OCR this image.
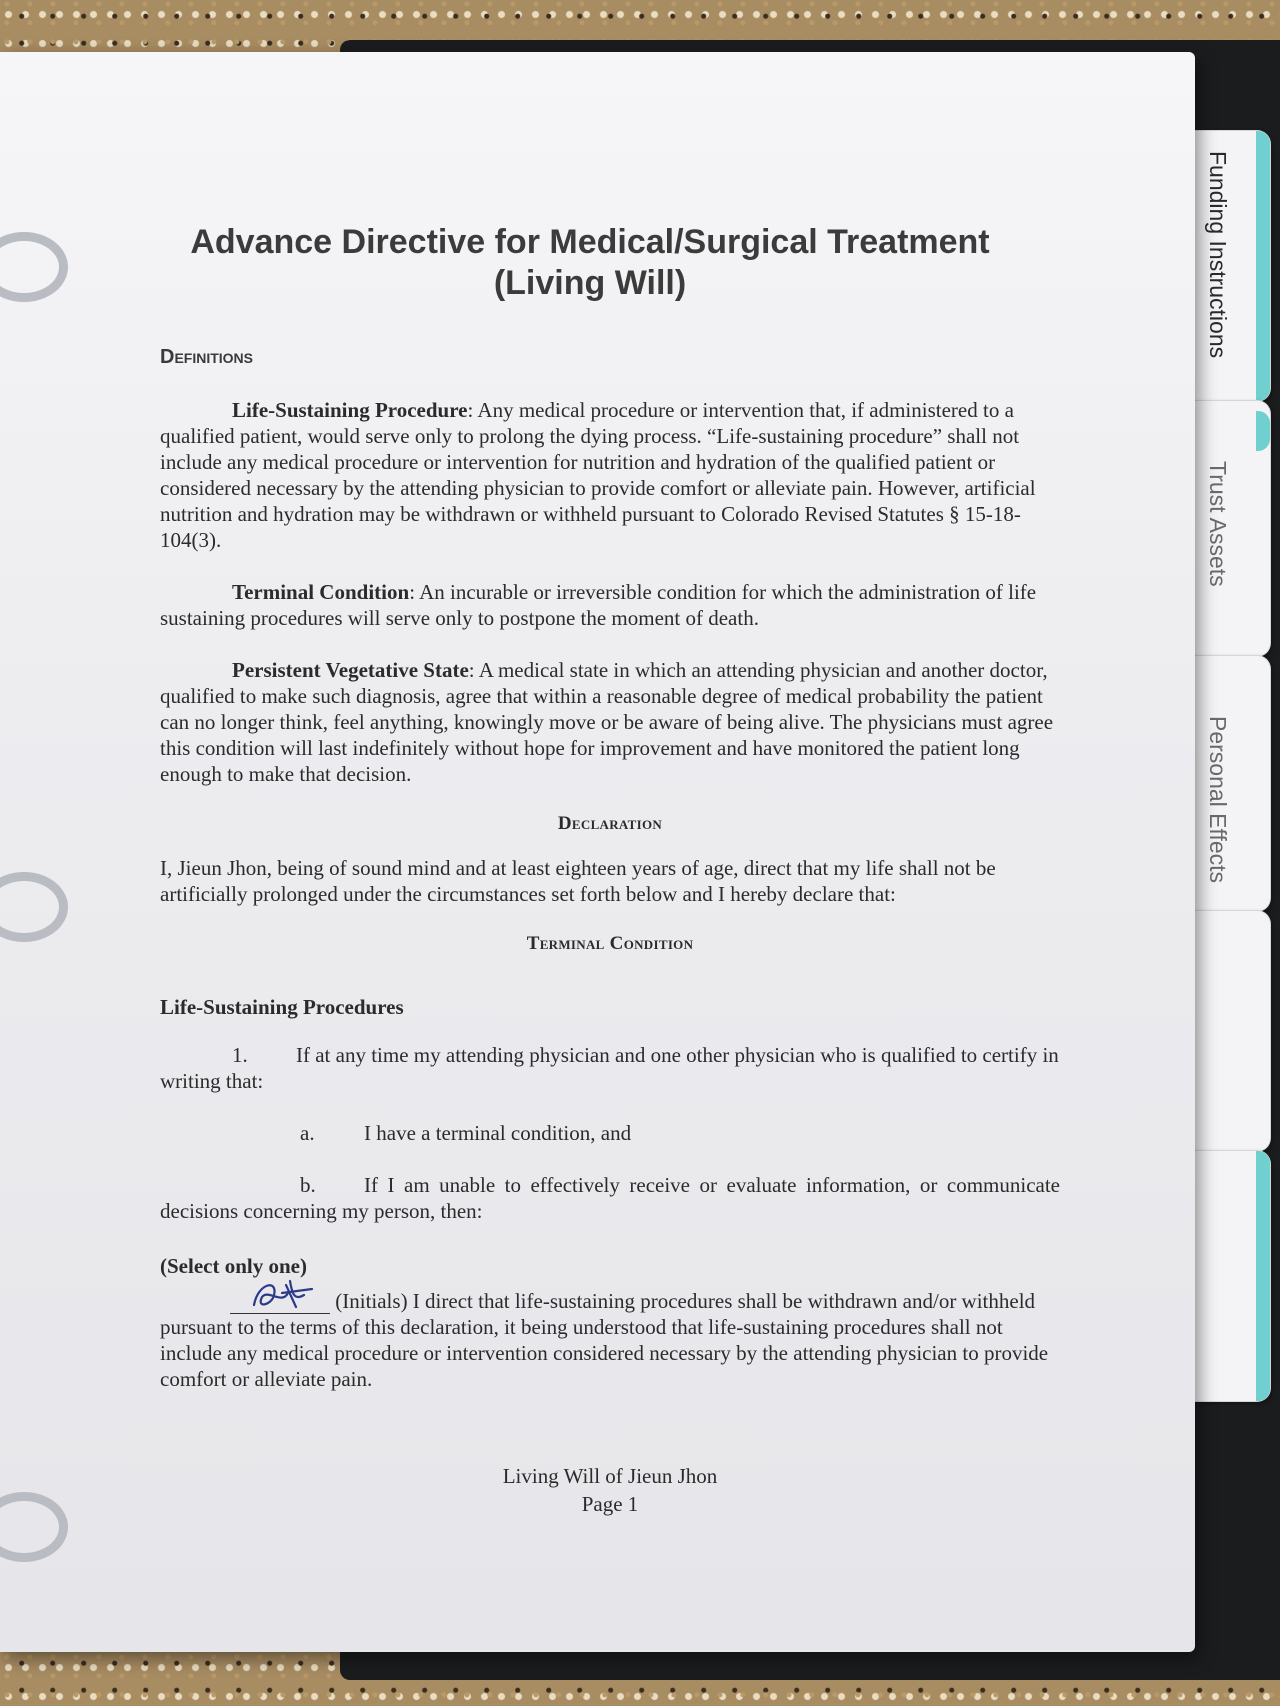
Funding Instructions
Trust Assets
Personal Effects
Advance Directive for Medical/Surgical Treatment
(Living Will)
Definitions

Life-Sustaining Procedure: Any medical procedure or intervention that, if administered to a qualified patient, would serve only to prolong the dying process. “Life-sustaining procedure” shall not include any medical procedure or intervention for nutrition and hydration of the qualified patient or considered necessary by the attending physician to provide comfort or alleviate pain. However, artificial nutrition and hydration may be withdrawn or withheld pursuant to Colorado Revised Statutes § 15-18-104(3).

Terminal Condition: An incurable or irreversible condition for which the administration of life sustaining procedures will serve only to postpone the moment of death.

Persistent Vegetative State: A medical state in which an attending physician and another doctor, qualified to make such diagnosis, agree that within a reasonable degree of medical probability the patient can no longer think, feel anything, knowingly move or be aware of being alive. The physicians must agree this condition will last indefinitely without hope for improvement and have monitored the patient long enough to make that decision.

Declaration

I, Jieun Jhon, being of sound mind and at least eighteen years of age, direct that my life shall not be artificially prolonged under the circumstances set forth below and I hereby declare that:

Terminal Condition
Life-Sustaining Procedures

1. If at any time my attending physician and one other physician who is qualified to certify in writing that:

a.	I have a terminal condition, and

b. If I am unable to effectively receive or evaluate information, or communicate decisions concerning my person, then:

(Select only one)

(Initials) I direct that life-sustaining procedures shall be withdrawn and/or withheld pursuant to the terms of this declaration, it being understood that life-sustaining procedures shall not include any medical procedure or intervention considered necessary by the attending physician to provide comfort or alleviate pain.

Living Will of Jieun Jhon
Page 1
